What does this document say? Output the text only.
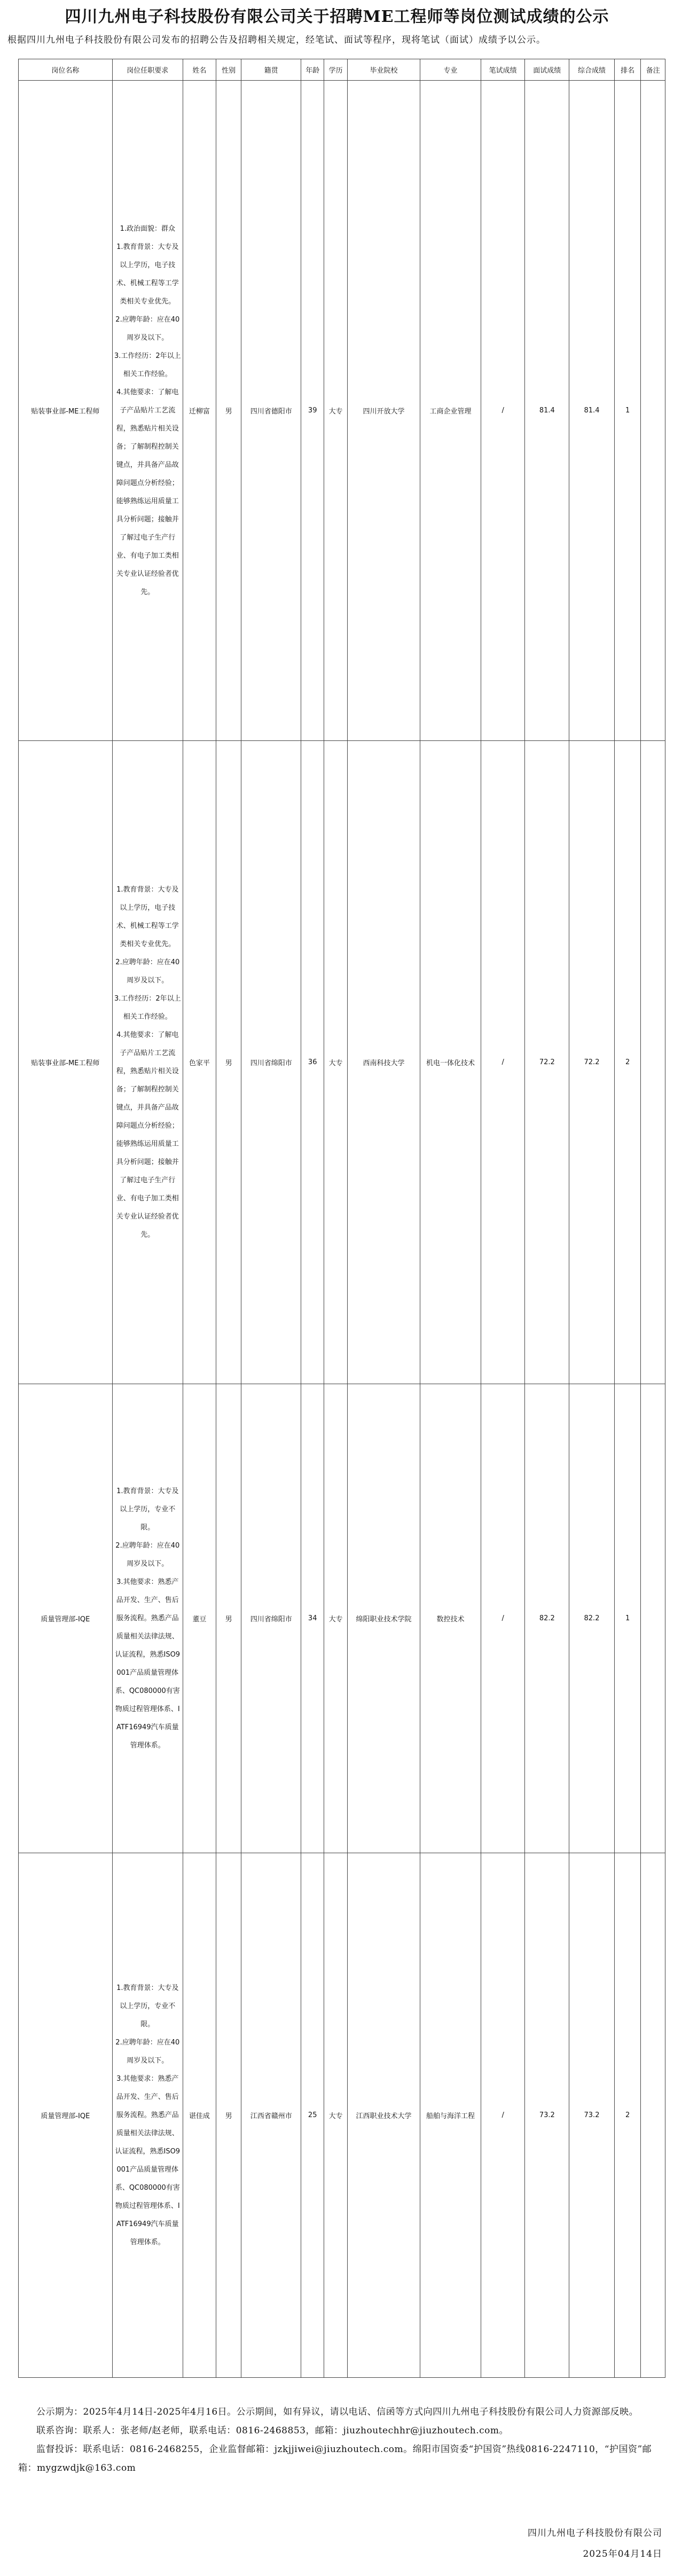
四川九州电子科技股份有限公司关于招聘ME工程师等岗位测试成绩的公示
根据四川九州电子科技股份有限公司发布的招聘公告及招聘相关规定，经笔试、面试等程序，现将笔试（面试）成绩予以公示。
岗位名称	岗位任职要求	姓名	性别	籍贯	年龄	学历	毕业院校	专业	笔试成绩	面试成绩	综合成绩	排名	备注
贴装事业部-ME工程师	1.政治面貌：群众
1.教育背景：大专及以上学历，电子技术、机械工程等工学类相关专业优先。
2.应聘年龄：应在40周岁及以下。
3.工作经历：2年以上相关工作经验。
4.其他要求：了解电子产品贴片工艺流程，熟悉贴片相关设备；了解制程控制关键点，并具备产品故障问题点分析经验；能够熟练运用质量工具分析问题；接触并了解过电子生产行业、有电子加工类相关专业认证经验者优先。	迁柳富	男	四川省德阳市	39	大专	四川开放大学	工商企业管理	/	81.4	81.4	1	
贴装事业部-ME工程师	1.教育背景：大专及以上学历，电子技术、机械工程等工学类相关专业优先。
2.应聘年龄：应在40周岁及以下。
3.工作经历：2年以上相关工作经验。
4.其他要求：了解电子产品贴片工艺流程，熟悉贴片相关设备；了解制程控制关键点，并具备产品故障问题点分析经验；能够熟练运用质量工具分析问题；接触并了解过电子生产行业、有电子加工类相关专业认证经验者优先。	色家平	男	四川省绵阳市	36	大专	西南科技大学	机电一体化技术	/	72.2	72.2	2	
质量管理部-IQE	1.教育背景：大专及以上学历，专业不限。
2.应聘年龄：应在40周岁及以下。
3.其他要求：熟悉产品开发、生产、售后服务流程。熟悉产品质量相关法律法规、认证流程，熟悉ISO9001产品质量管理体系、QC080000有害物质过程管理体系、IATF16949汽车质量管理体系。	董豆	男	四川省绵阳市	34	大专	绵阳职业技术学院	数控技术	/	82.2	82.2	1	
质量管理部-IQE	1.教育背景：大专及以上学历，专业不限。
2.应聘年龄：应在40周岁及以下。
3.其他要求：熟悉产品开发、生产、售后服务流程。熟悉产品质量相关法律法规、认证流程，熟悉ISO9001产品质量管理体系、QC080000有害物质过程管理体系、IATF16949汽车质量管理体系。	谌佳成	男	江西省赣州市	25	大专	江西职业技术大学	船舶与海洋工程	/	73.2	73.2	2	

公示期为：2025年4月14日-2025年4月16日。公示期间，如有异议，请以电话、信函等方式向四川九州电子科技股份有限公司人力资源部反映。

联系咨询：联系人：张老师/赵老师，联系电话：0816-2468853，邮箱：jiuzhoutechhr@jiuzhoutech.com。

监督投诉：联系电话：0816-2468255，企业监督邮箱：jzkjjiwei@jiuzhoutech.com。绵阳市国资委“护国资”热线0816-2247110，“护国资”邮箱：mygzwdjk@163.com

四川九州电子科技股份有限公司
2025年04月14日
